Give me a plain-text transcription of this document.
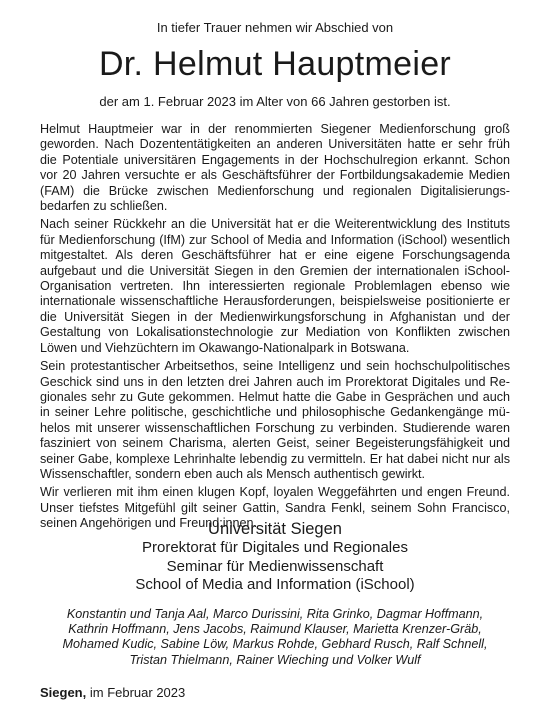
In tiefer Trauer nehmen wir Abschied von
Dr. Helmut Hauptmeier
der am 1. Februar 2023 im Alter von 66 Jahren gestorben ist.

Helmut Hauptmeier war in der renommierten Siegener Medienforschung groß geworden. Nach Dozententätigkeiten an anderen Universitäten hatte er sehr früh die Potentiale universitären Engagements in der Hochschulregion erkannt. Schon vor 20 Jahren versuchte er als Geschäftsführer der Fortbildungsakademie Medien (FAM) die Brücke zwischen Medienforschung und regionalen Digitalisierungsbedarfen zu schließen.

Nach seiner Rückkehr an die Universität hat er die Weiterentwicklung des Instituts für Medienforschung (IfM) zur School of Media and Information (iSchool) wesentlich mitgestaltet. Als deren Geschäftsführer hat er eine eigene Forschungsagenda aufgebaut und die Universität Siegen in den Gremien der internationalen iSchool-Organisation vertreten. Ihn interessierten regionale Problemlagen ebenso wie internationale wissenschaftliche Herausforderungen, beispielsweise positionierte er die Universität Siegen in der Medienwirkungsforschung in Afghanistan und der Gestaltung von Lokalisationstechnologie zur Mediation von Konflikten zwischen Löwen und Viehzüchtern im Okawango-Nationalpark in Botswana.

Sein protestantischer Arbeitsethos, seine Intelligenz und sein hochschulpolitisches Geschick sind uns in den letzten drei Jahren auch im Prorektorat Digitales und Regionales sehr zu Gute gekommen. Helmut hatte die Gabe in Gesprächen und auch in seiner Lehre politische, geschichtliche und philosophische Gedankengänge mühelos mit unserer wissenschaftlichen Forschung zu verbinden. Studierende waren fasziniert von seinem Charisma, alerten Geist, seiner Begeisterungsfähigkeit und seiner Gabe, komplexe Lehrinhalte lebendig zu vermitteln. Er hat dabei nicht nur als Wissenschaftler, sondern eben auch als Mensch authentisch gewirkt.

Wir verlieren mit ihm einen klugen Kopf, loyalen Weggefährten und engen Freund. Unser tiefstes Mitgefühl gilt seiner Gattin, Sandra Fenkl, seinem Sohn Francisco, seinen Angehörigen und Freund:innen.

Universität Siegen
Prorektorat für Digitales und Regionales
Seminar für Medienwissenschaft
School of Media and Information (iSchool)
Konstantin und Tanja Aal, Marco Durissini, Rita Grinko, Dagmar Hoffmann,
Kathrin Hoffmann, Jens Jacobs, Raimund Klauser, Marietta Krenzer-Gräb,
Mohamed Kudic, Sabine Löw, Markus Rohde, Gebhard Rusch, Ralf Schnell,
Tristan Thielmann, Rainer Wieching und Volker Wulf
Siegen, im Februar 2023
